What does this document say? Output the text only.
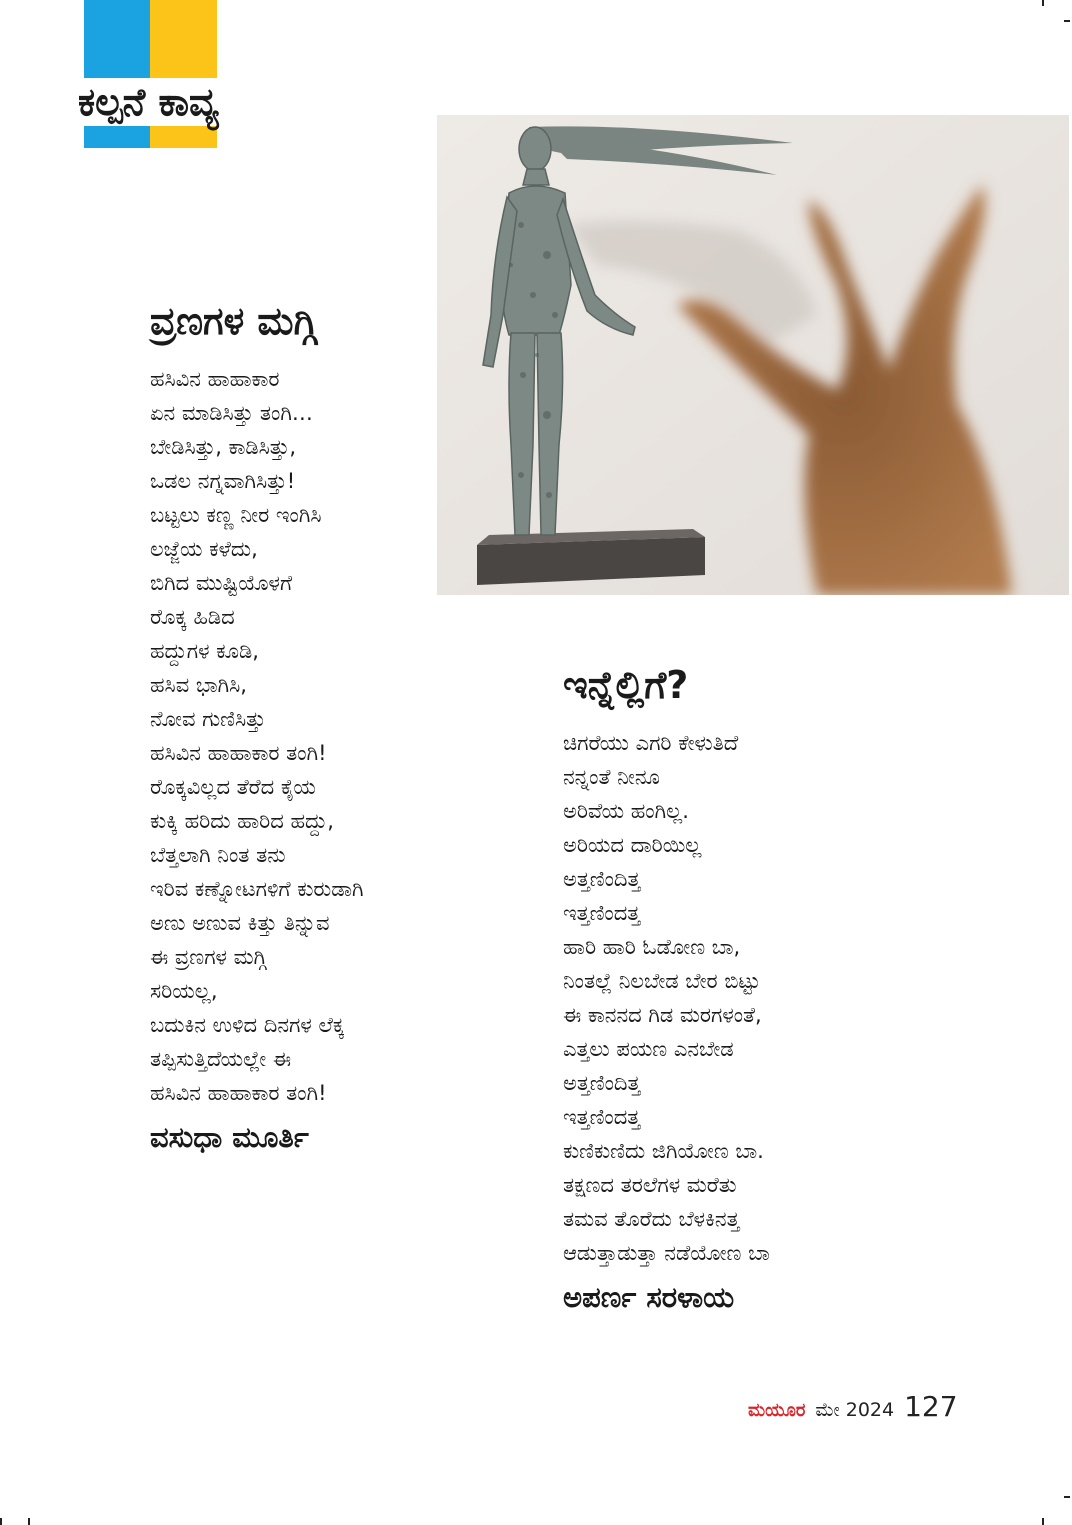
ಕಲ್ಪನೆ ಕಾವ್ಯ
ವ್ರಣಗಳ ಮಗ್ಗಿ
ಹಸಿವಿನ ಹಾಹಾಕಾರ
ಏನ ಮಾಡಿಸಿತ್ತು ತಂಗಿ…
ಬೇಡಿಸಿತ್ತು, ಕಾಡಿಸಿತ್ತು,
ಒಡಲ ನಗ್ನವಾಗಿಸಿತ್ತು!
ಬಟ್ಟಲು ಕಣ್ಣ ನೀರ ಇಂಗಿಸಿ
ಲಜ್ಜೆಯ ಕಳೆದು,
ಬಿಗಿದ ಮುಷ್ಟಿಯೊಳಗೆ
ರೊಕ್ಕ ಹಿಡಿದ
ಹದ್ದುಗಳ ಕೂಡಿ,
ಹಸಿವ ಭಾಗಿಸಿ,
ನೋವ ಗುಣಿಸಿತ್ತು
ಹಸಿವಿನ ಹಾಹಾಕಾರ ತಂಗಿ!
ರೊಕ್ಕವಿಲ್ಲದ ತೆರೆದ ಕೈಯ
ಕುಕ್ಕಿ ಹರಿದು ಹಾರಿದ ಹದ್ದು,
ಬೆತ್ತಲಾಗಿ ನಿಂತ ತನು
ಇರಿವ ಕಣ್ನೋಟಗಳಿಗೆ ಕುರುಡಾಗಿ
ಅಣು ಅಣುವ ಕಿತ್ತು ತಿನ್ನುವ
ಈ ವ್ರಣಗಳ ಮಗ್ಗಿ
ಸರಿಯಲ್ಲ,
ಬದುಕಿನ ಉಳಿದ ದಿನಗಳ ಲೆಕ್ಕ
ತಪ್ಪಿಸುತ್ತಿದೆಯಲ್ಲೇ ಈ
ಹಸಿವಿನ ಹಾಹಾಕಾರ ತಂಗಿ!
ವಸುಧಾ ಮೂರ್ತಿ
ಇನ್ನೆಲ್ಲಿಗೆ?
ಚಿಗರೆಯು ಎಗರಿ ಕೇಳುತಿದೆ
ನನ್ನಂತೆ ನೀನೂ
ಅರಿವೆಯ ಹಂಗಿಲ್ಲ.
ಅರಿಯದ ದಾರಿಯಿಲ್ಲ
ಅತ್ತಣಿಂದಿತ್ತ
ಇತ್ತಣಿಂದತ್ತ
ಹಾರಿ ಹಾರಿ ಓಡೋಣ ಬಾ,
ನಿಂತಲ್ಲೆ ನಿಲಬೇಡ ಬೇರ ಬಿಟ್ಟು
ಈ ಕಾನನದ ಗಿಡ ಮರಗಳಂತೆ,
ಎತ್ತಲು ಪಯಣ ಎನಬೇಡ
ಅತ್ತಣಿಂದಿತ್ತ
ಇತ್ತಣಿಂದತ್ತ
ಕುಣಿಕುಣಿದು ಜಿಗಿಯೋಣ ಬಾ.
ತಕ್ಷಣದ ತರಲೆಗಳ ಮರೆತು
ತಮವ ತೊರೆದು ಬೆಳಕಿನತ್ತ
ಆಡುತ್ತಾಡುತ್ತಾ ನಡೆಯೋಣ ಬಾ
ಅಪರ್ಣ ಸರಳಾಯ
ಮಯೂರ ಮೇ 2024 127
